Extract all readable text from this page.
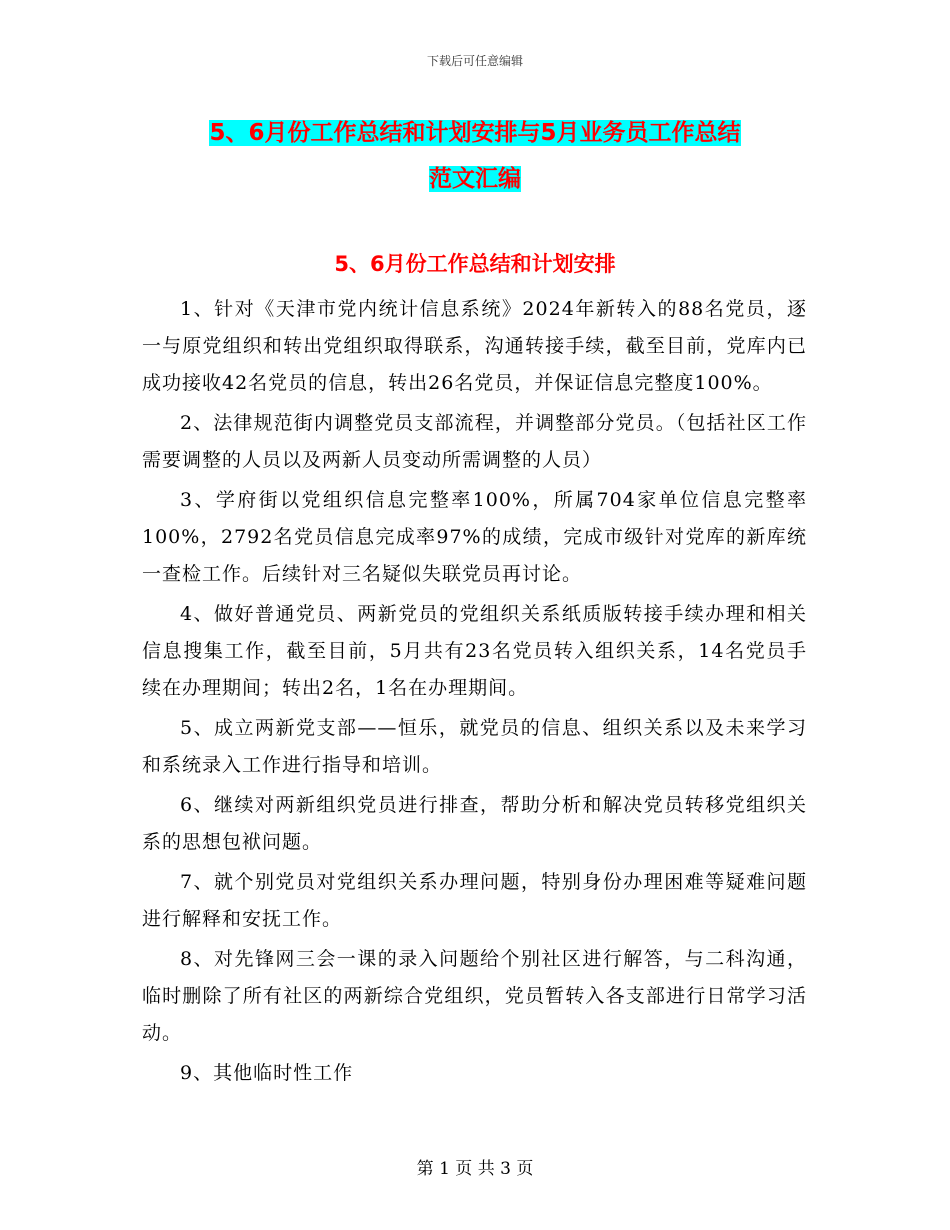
下载后可任意编辑
5、6月份工作总结和计划安排与5月业务员工作总结
范文汇编
5、6月份工作总结和计划安排

1、针对《天津市党内统计信息系统》2024年新转入的88名党员，逐一与原党组织和转出党组织取得联系，沟通转接手续，截至目前，党库内已成功接收42名党员的信息，转出26名党员，并保证信息完整度100%。

2、法律规范街内调整党员支部流程，并调整部分党员。（包括社区工作需要调整的人员以及两新人员变动所需调整的人员）

3、学府街以党组织信息完整率100%，所属704家单位信息完整率100%，2792名党员信息完成率97%的成绩，完成市级针对党库的新库统一查检工作。后续针对三名疑似失联党员再讨论。

4、做好普通党员、两新党员的党组织关系纸质版转接手续办理和相关信息搜集工作，截至目前，5月共有23名党员转入组织关系，14名党员手续在办理期间；转出2名，1名在办理期间。

5、成立两新党支部——恒乐，就党员的信息、组织关系以及未来学习和系统录入工作进行指导和培训。

6、继续对两新组织党员进行排查，帮助分析和解决党员转移党组织关系的思想包袱问题。

7、就个别党员对党组织关系办理问题，特别身份办理困难等疑难问题进行解释和安抚工作。

8、对先锋网三会一课的录入问题给个别社区进行解答，与二科沟通，临时删除了所有社区的两新综合党组织，党员暂转入各支部进行日常学习活动。

9、其他临时性工作

第 1 页 共 3 页
